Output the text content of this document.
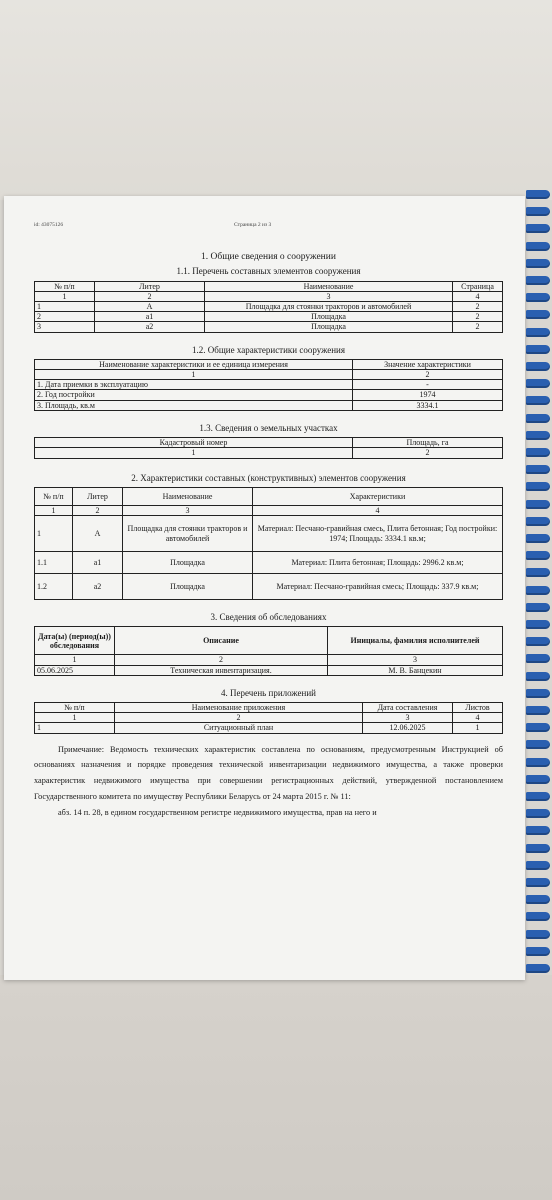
id: 43075126	Страница 2 из 3
1. Общие сведения о сооружении
1.1. Перечень составных элементов сооружения
№ п/п	Литер	Наименование	Страница
1	2	3	4
1	А	Площадка для стоянки тракторов и автомобилей	2
2	а1	Площадка	2
3	а2	Площадка	2
1.2. Общие характеристики сооружения
Наименование характеристики и ее единица измерения	Значение характеристики
1	2
1. Дата приемки в эксплуатацию	-
2. Год постройки	1974
3. Площадь, кв.м	3334.1
1.3. Сведения о земельных участках
Кадастровый номер	Площадь, га
1	2
2. Характеристики составных (конструктивных) элементов сооружения
№ п/п	Литер	Наименование	Характеристики
1	2	3	4
1	А	Площадка для стоянки тракторов и автомобилей	Материал: Песчано-гравийная смесь, Плита бетонная; Год постройки: 1974; Площадь: 3334.1 кв.м;
1.1	а1	Площадка	Материал: Плита бетонная; Площадь: 2996.2 кв.м;
1.2	а2	Площадка	Материал: Песчано-гравийная смесь; Площадь: 337.9 кв.м;
3. Сведения об обследованиях
Дата(ы) (период(ы)) обследования	Описание	Инициалы, фамилия исполнителей
1	2	3
05.06.2025	Техническая инвентаризация.	М. В. Банцекин
4. Перечень приложений
№ п/п	Наименование приложения	Дата составления	Листов
1	2	3	4
1	Ситуационный план	12.06.2025	1

Примечание: Ведомость технических характеристик составлена по основаниям, предусмотренным Инструкцией об основаниях назначения и порядке проведения технической инвентаризации недвижимого имущества, а также проверки характеристик недвижимого имущества при совершении регистрационных действий, утвержденной постановлением Государственного комитета по имуществу Республики Беларусь от 24 марта 2015 г. № 11:

абз. 14 п. 28, в едином государственном регистре недвижимого имущества, прав на него и
